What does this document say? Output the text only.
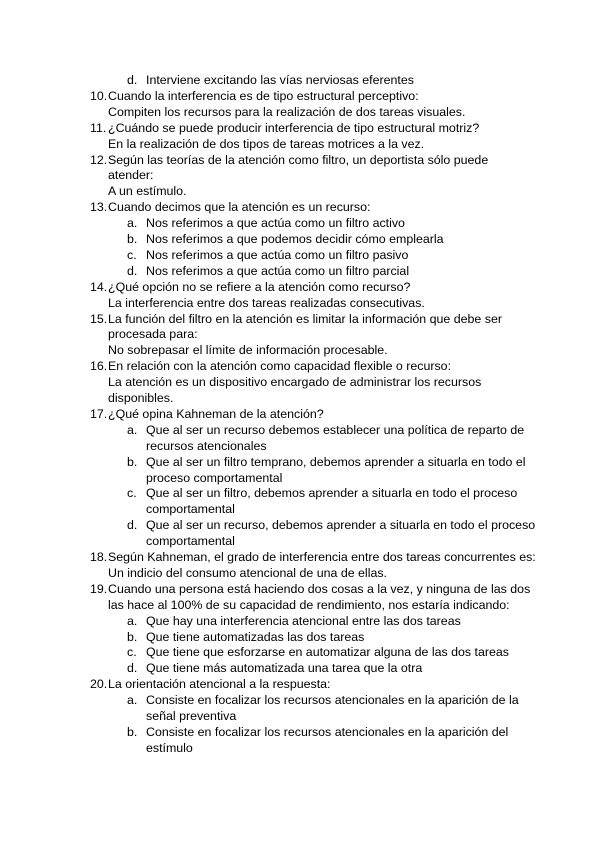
d. Interviene excitando las vías nerviosas eferentes
10. Cuando la interferencia es de tipo estructural perceptivo:
Compiten los recursos para la realización de dos tareas visuales.
11. ¿Cuándo se puede producir interferencia de tipo estructural motriz?
En la realización de dos tipos de tareas motrices a la vez.
12. Según las teorías de la atención como filtro, un deportista sólo puede
atender:
A un estímulo.
13. Cuando decimos que la atención es un recurso:
a. Nos referimos a que actúa como un filtro activo
b. Nos referimos a que podemos decidir cómo emplearla
c. Nos referimos a que actúa como un filtro pasivo
d. Nos referimos a que actúa como un filtro parcial
14. ¿Qué opción no se refiere a la atención como recurso?
La interferencia entre dos tareas realizadas consecutivas.
15. La función del filtro en la atención es limitar la información que debe ser
procesada para:
No sobrepasar el límite de información procesable.
16. En relación con la atención como capacidad flexible o recurso:
La atención es un dispositivo encargado de administrar los recursos
disponibles.
17. ¿Qué opina Kahneman de la atención?
a. Que al ser un recurso debemos establecer una política de reparto de
recursos atencionales
b. Que al ser un filtro temprano, debemos aprender a situarla en todo el
proceso comportamental
c. Que al ser un filtro, debemos aprender a situarla en todo el proceso
comportamental
d. Que al ser un recurso, debemos aprender a situarla en todo el proceso
comportamental
18. Según Kahneman, el grado de interferencia entre dos tareas concurrentes es:
Un indicio del consumo atencional de una de ellas.
19. Cuando una persona está haciendo dos cosas a la vez, y ninguna de las dos
las hace al 100% de su capacidad de rendimiento, nos estaría indicando:
a. Que hay una interferencia atencional entre las dos tareas
b. Que tiene automatizadas las dos tareas
c. Que tiene que esforzarse en automatizar alguna de las dos tareas
d. Que tiene más automatizada una tarea que la otra
20. La orientación atencional a la respuesta:
a. Consiste en focalizar los recursos atencionales en la aparición de la
señal preventiva
b. Consiste en focalizar los recursos atencionales en la aparición del
estímulo
